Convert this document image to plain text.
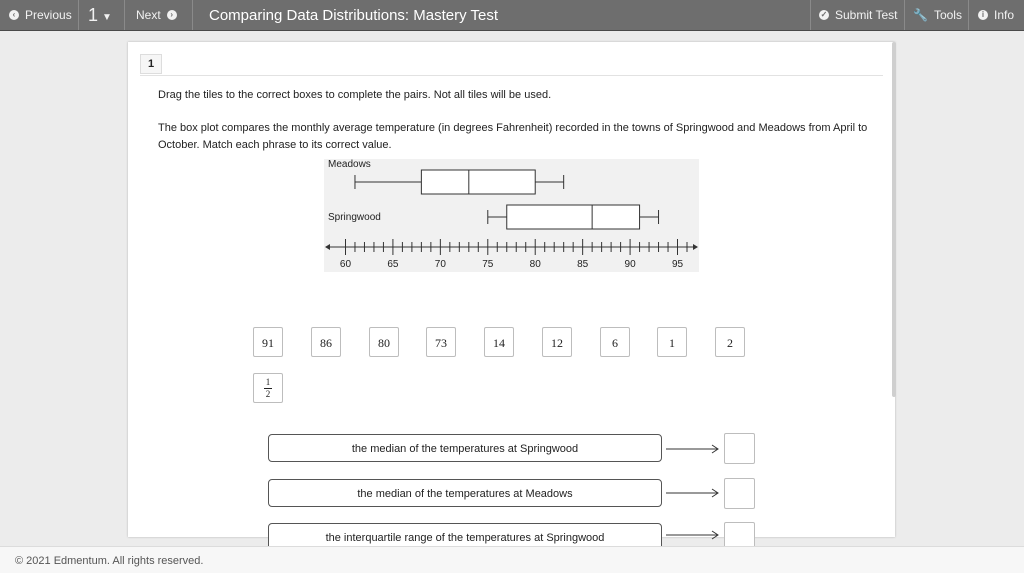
‹ Previous 1 ▼ Next	› Comparing Data Distributions: Mastery Test	✓ Submit Test 🔧 Tools	i Info
1
Drag the tiles to the correct boxes to complete the pairs. Not all tiles will be used.
The box plot compares the monthly average temperature (in degrees Fahrenheit) recorded in the towns of Springwood and Meadows from April to October. Match each phrase to its correct value.
Meadows
Springwood
60	65	70	75	80	85	90	95
91	86	80	73	14	12	6	1	2
1
2
the median of the temperatures at Springwood
the median of the temperatures at Meadows
the interquartile range of the temperatures at Springwood
© 2021 Edmentum. All rights reserved.
